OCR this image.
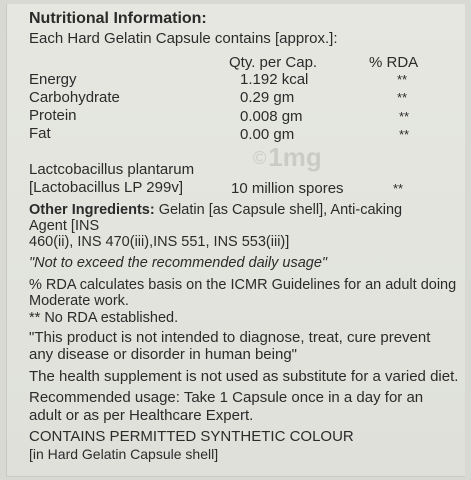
Nutritional Information:
Each Hard Gelatin Capsule contains [approx.]:
Qty. per Cap.	% RDA
Energy	1.192 kcal	**
Carbohydrate	0.29 gm	**
Protein	0.008 gm	**
Fat	0.00 gm	**
©1mg
Lactcobacillus plantarum
[Lactobacillus LP 299v]	10 million spores	**
Other Ingredients: Gelatin [as Capsule shell], Anti-caking
Agent [INS
460(ii), INS 470(iii),INS 551, INS 553(iii)]
"Not to exceed the recommended daily usage"
% RDA calculates basis on the ICMR Guidelines for an adult doing
Moderate work.
** No RDA established.
"This product is not intended to diagnose, treat, cure prevent
any disease or disorder in human being"
The health supplement is not used as substitute for a varied diet.
Recommended usage: Take 1 Capsule once in a day for an
adult or as per Healthcare Expert.
CONTAINS PERMITTED SYNTHETIC COLOUR
[in Hard Gelatin Capsule shell]
